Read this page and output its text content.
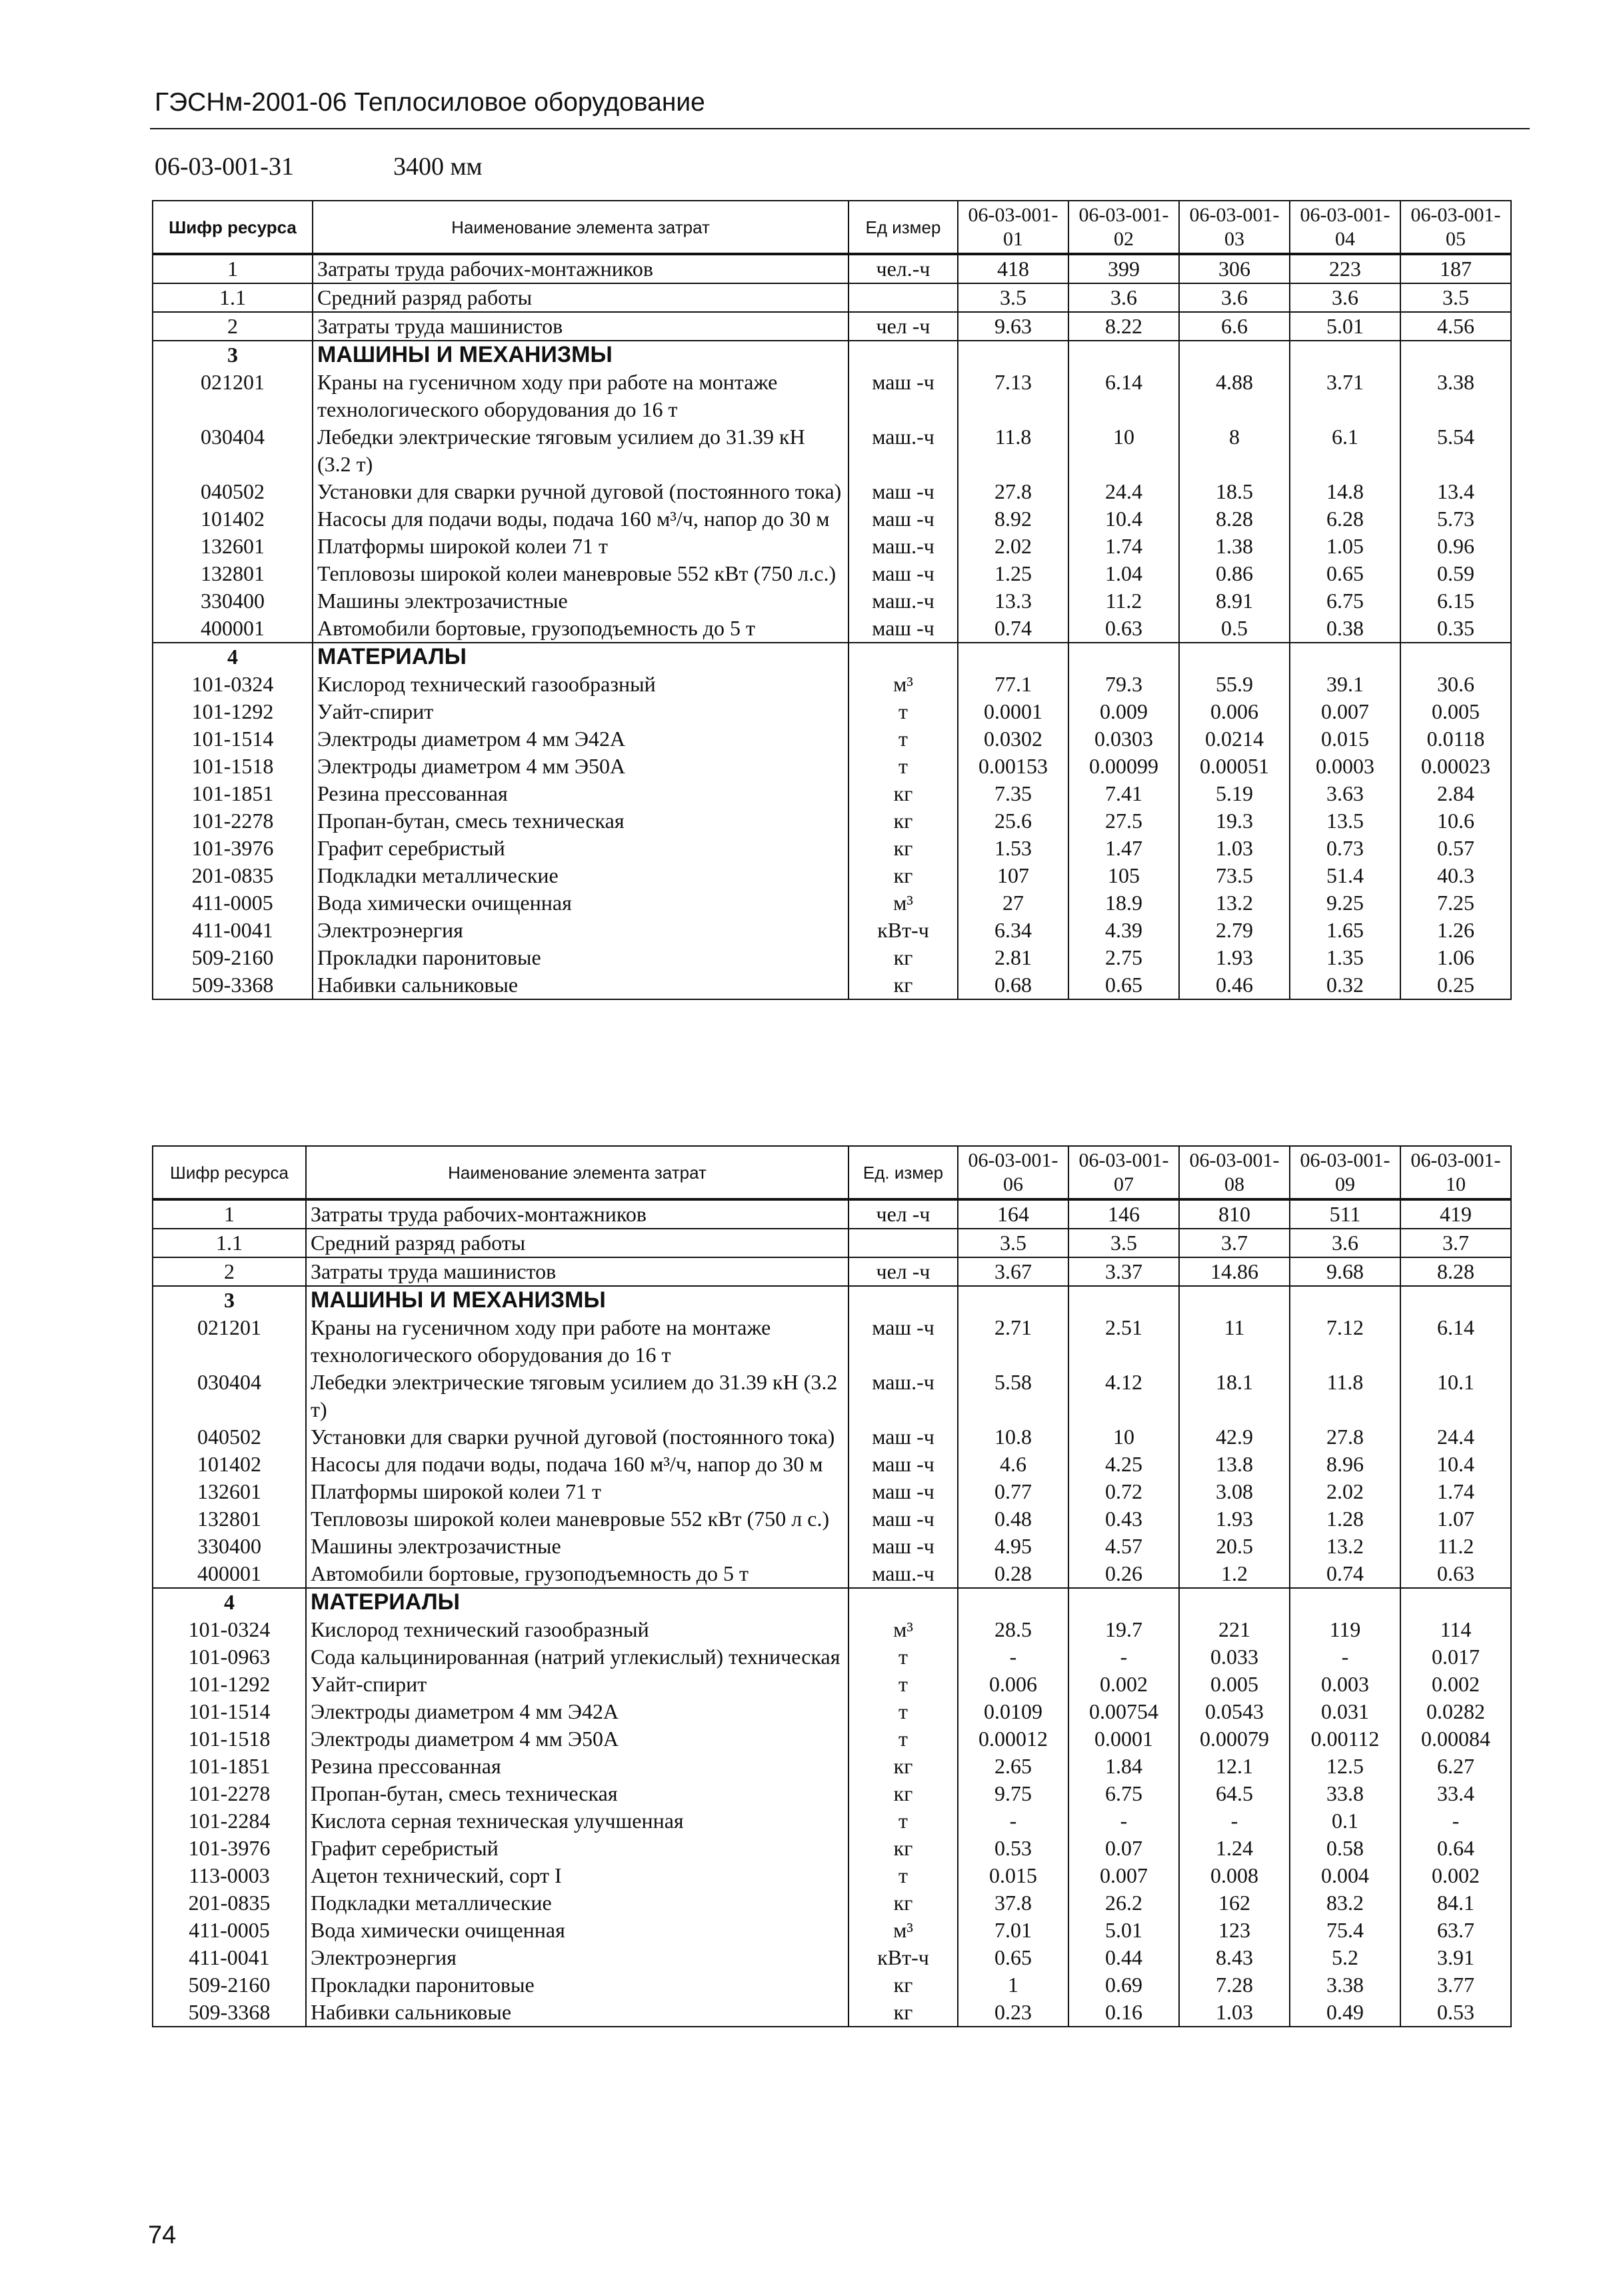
ГЭСНм-2001-06 Теплосиловое оборудование
06-03-001-31	3400 мм
Шифр ресурса	Наименование элемента затрат	Ед измер	06-03-001-01	06-03-001-02	06-03-001-03	06-03-001-04	06-03-001-05
1	Затраты труда рабочих-монтажников	чел.-ч	418	399	306	223	187
1.1	Средний разряд работы		3.5	3.6	3.6	3.6	3.5
2	Затраты труда машинистов	чел -ч	9.63	8.22	6.6	5.01	4.56
3	МАШИНЫ И МЕХАНИЗМЫ						
021201	Краны на гусеничном ходу при работе на монтаже технологического оборудования до 16 т	маш -ч	7.13	6.14	4.88	3.71	3.38
030404	Лебедки электрические тяговым усилием до 31.39 кН (3.2 т)	маш.-ч	11.8	10	8	6.1	5.54
040502	Установки для сварки ручной дуговой (постоянного тока)	маш -ч	27.8	24.4	18.5	14.8	13.4
101402	Насосы для подачи воды, подача 160 м³/ч, напор до 30 м	маш -ч	8.92	10.4	8.28	6.28	5.73
132601	Платформы широкой колеи 71 т	маш.-ч	2.02	1.74	1.38	1.05	0.96
132801	Тепловозы широкой колеи маневровые 552 кВт (750 л.с.)	маш -ч	1.25	1.04	0.86	0.65	0.59
330400	Машины электрозачистные	маш.-ч	13.3	11.2	8.91	6.75	6.15
400001	Автомобили бортовые, грузоподъемность до 5 т	маш -ч	0.74	0.63	0.5	0.38	0.35
4	МАТЕРИАЛЫ						
101-0324	Кислород технический газообразный	м³	77.1	79.3	55.9	39.1	30.6
101-1292	Уайт-спирит	т	0.0001	0.009	0.006	0.007	0.005
101-1514	Электроды диаметром 4 мм Э42А	т	0.0302	0.0303	0.0214	0.015	0.0118
101-1518	Электроды диаметром 4 мм Э50А	т	0.00153	0.00099	0.00051	0.0003	0.00023
101-1851	Резина прессованная	кг	7.35	7.41	5.19	3.63	2.84
101-2278	Пропан-бутан, смесь техническая	кг	25.6	27.5	19.3	13.5	10.6
101-3976	Графит серебристый	кг	1.53	1.47	1.03	0.73	0.57
201-0835	Подкладки металлические	кг	107	105	73.5	51.4	40.3
411-0005	Вода химически очищенная	м³	27	18.9	13.2	9.25	7.25
411-0041	Электроэнергия	кВт-ч	6.34	4.39	2.79	1.65	1.26
509-2160	Прокладки паронитовые	кг	2.81	2.75	1.93	1.35	1.06
509-3368	Набивки сальниковые	кг	0.68	0.65	0.46	0.32	0.25
Шифр ресурса	Наименование элемента затрат	Ед. измер	06-03-001-06	06-03-001-07	06-03-001-08	06-03-001-09	06-03-001-10
1	Затраты труда рабочих-монтажников	чел -ч	164	146	810	511	419
1.1	Средний разряд работы		3.5	3.5	3.7	3.6	3.7
2	Затраты труда машинистов	чел -ч	3.67	3.37	14.86	9.68	8.28
3	МАШИНЫ И МЕХАНИЗМЫ						
021201	Краны на гусеничном ходу при работе на монтаже технологического оборудования до 16 т	маш -ч	2.71	2.51	11	7.12	6.14
030404	Лебедки электрические тяговым усилием до 31.39 кН (3.2 т)	маш.-ч	5.58	4.12	18.1	11.8	10.1
040502	Установки для сварки ручной дуговой (постоянного тока)	маш -ч	10.8	10	42.9	27.8	24.4
101402	Насосы для подачи воды, подача 160 м³/ч, напор до 30 м	маш -ч	4.6	4.25	13.8	8.96	10.4
132601	Платформы широкой колеи 71 т	маш -ч	0.77	0.72	3.08	2.02	1.74
132801	Тепловозы широкой колеи маневровые 552 кВт (750 л с.)	маш -ч	0.48	0.43	1.93	1.28	1.07
330400	Машины электрозачистные	маш -ч	4.95	4.57	20.5	13.2	11.2
400001	Автомобили бортовые, грузоподъемность до 5 т	маш.-ч	0.28	0.26	1.2	0.74	0.63
4	МАТЕРИАЛЫ						
101-0324	Кислород технический газообразный	м³	28.5	19.7	221	119	114
101-0963	Сода кальцинированная (натрий углекислый) техническая	т	-	-	0.033	-	0.017
101-1292	Уайт-спирит	т	0.006	0.002	0.005	0.003	0.002
101-1514	Электроды диаметром 4 мм Э42А	т	0.0109	0.00754	0.0543	0.031	0.0282
101-1518	Электроды диаметром 4 мм Э50А	т	0.00012	0.0001	0.00079	0.00112	0.00084
101-1851	Резина прессованная	кг	2.65	1.84	12.1	12.5	6.27
101-2278	Пропан-бутан, смесь техническая	кг	9.75	6.75	64.5	33.8	33.4
101-2284	Кислота серная техническая улучшенная	т	-	-	-	0.1	-
101-3976	Графит серебристый	кг	0.53	0.07	1.24	0.58	0.64
113-0003	Ацетон технический, сорт I	т	0.015	0.007	0.008	0.004	0.002
201-0835	Подкладки металлические	кг	37.8	26.2	162	83.2	84.1
411-0005	Вода химически очищенная	м³	7.01	5.01	123	75.4	63.7
411-0041	Электроэнергия	кВт-ч	0.65	0.44	8.43	5.2	3.91
509-2160	Прокладки паронитовые	кг	1	0.69	7.28	3.38	3.77
509-3368	Набивки сальниковые	кг	0.23	0.16	1.03	0.49	0.53
74
